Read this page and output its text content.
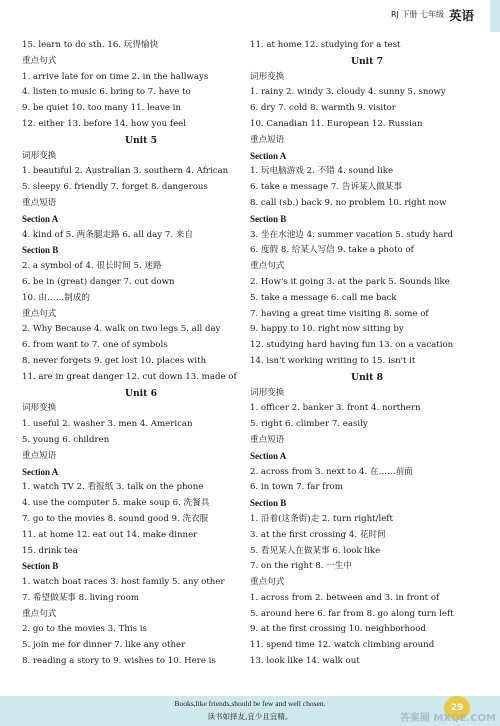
RJ 下册 七年级 英语
15. learn to do sth. 16. 玩得愉快
重点句式
1. arrive late for on time 2. in the hallways
4. listen to music 6. bring to 7. have to
9. be quiet 10. too many 11. leave in
12. either 13. before 14. how you feel
Unit 5
词形变换
1. beautiful 2. Australian 3. southern 4. African
5. sleepy 6. friendly 7. forget 8. dangerous
重点短语
Section A
4. kind of 5. 两条腿走路 6. all day 7. 来自
Section B
2. a symbol of 4. 很长时间 5. 迷路
6. be in (great) danger 7. cut down
10. 由……制成的
重点句式
2. Why Because 4. walk on two legs 5. all day
6. from want to 7. one of symbols
8. never forgets 9. get lost 10. places with
11. are in great danger 12. cut down 13. made of
Unit 6
词形变换
1. useful 2. washer 3. men 4. American
5. young 6. children
重点短语
Section A
1. watch TV 2. 看报纸 3. talk on the phone
4. use the computer 5. make soup 6. 洗餐具
7. go to the movies 8. sound good 9. 洗衣服
11. at home 12. eat out 14. make dinner
15. drink tea
Section B
1. watch boat races 3. host family 5. any other
7. 希望做某事 8. living room
重点句式
2. go to the movies 3. This is
5. join me for dinner 7. like any other
8. reading a story to 9. wishes to 10. Here is
11. at home 12. studying for a test
Unit 7
词形变换
1. rainy 2. windy 3. cloudy 4. sunny 5. snowy
6. dry 7. cold 8. warmth 9. visitor
10. Canadian 11. European 12. Russian
重点短语
Section A
1. 玩电脑游戏 2. 不错 4. sound like
6. take a message 7. 告诉某人做某事
8. call (sb.) back 9. no problem 10. right now
Section B
3. 坐在水池边 4. summer vacation 5. study hard
6. 度假 8. 给某人写信 9. take a photo of
重点句式
2. How's it going 3. at the park 5. Sounds like
5. take a message 6. call me back
7. having a great time visiting 8. some of
9. happy to 10. right now sitting by
12. studying hard having fun 13. on a vacation
14. isn't working writing to 15. isn't it
Unit 8
词形变换
1. officer 2. banker 3. front 4. northern
5. right 6. climber 7. easily
重点短语
Section A
2. across from 3. next to 4. 在……前面
6. in town 7. far from
Section B
1. 沿着(这条街)走 2. turn right/left
3. at the first crossing 4. 花时间
5. 看见某人在做某事 6. look like
7. on the right 8. 一生中
重点句式
1. across from 2. between and 3. in front of
5. around here 6. far from 8. go along turn left
9. at the first crossing 10. neighborhood
11. spend time 12. watch climbing around
13. look like 14. walk out
Books,like friends,should be few and well chosen.
读书如择友,宜少且宜精。
29
答案圈 MXQE.COM
